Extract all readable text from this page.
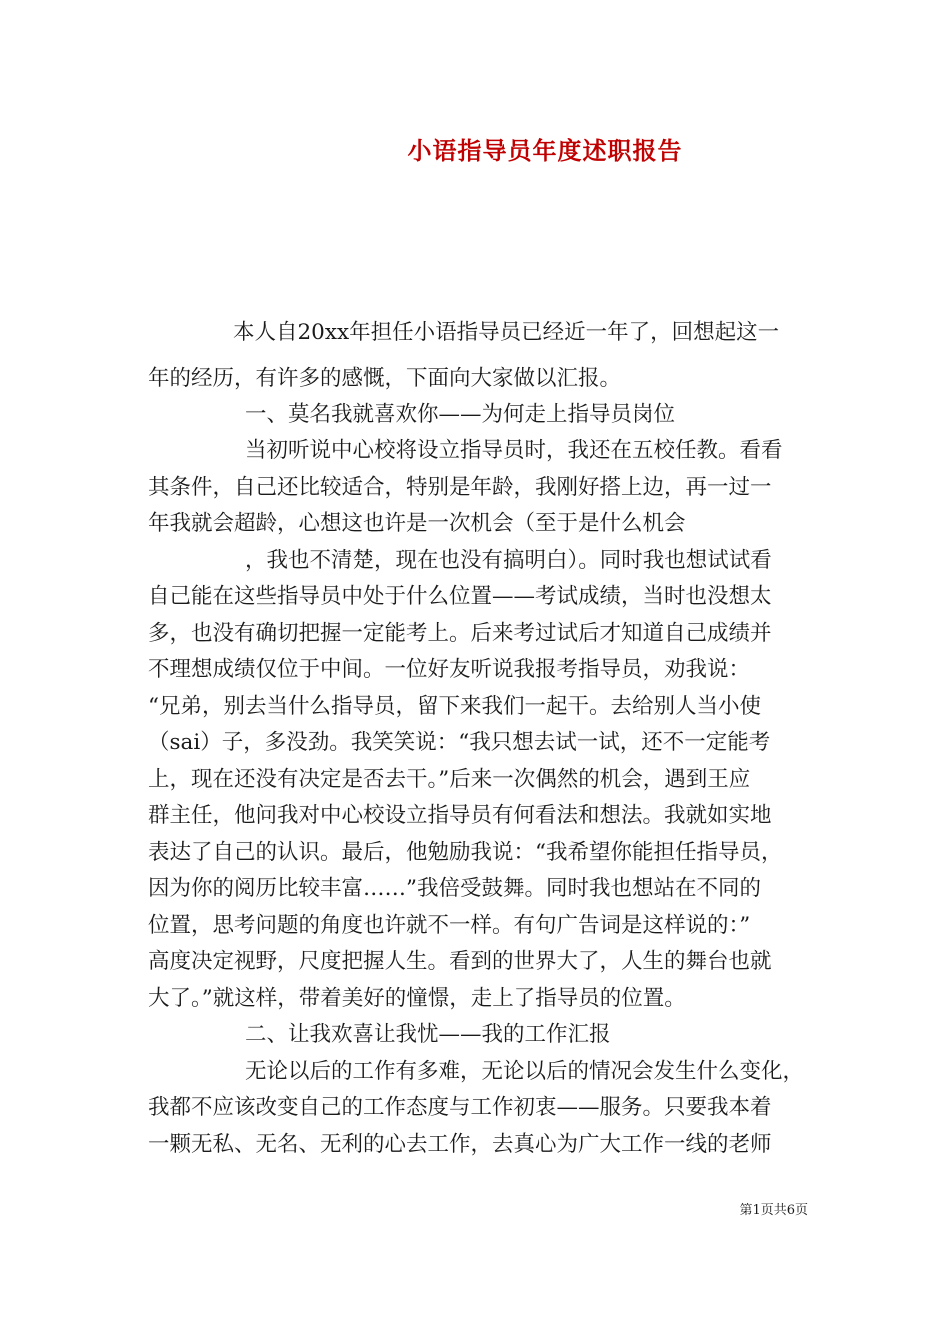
小语指导员年度述职报告
本人自20xx年担任小语指导员已经近一年了，回想起这一
年的经历，有许多的感慨，下面向大家做以汇报。
一、莫名我就喜欢你——为何走上指导员岗位
当初听说中心校将设立指导员时，我还在五校任教。看看
其条件，自己还比较适合，特别是年龄，我刚好搭上边，再一过一
年我就会超龄，心想这也许是一次机会（至于是什么机会
，我也不清楚，现在也没有搞明白）。同时我也想试试看
自己能在这些指导员中处于什么位置——考试成绩，当时也没想太
多，也没有确切把握一定能考上。后来考过试后才知道自己成绩并
不理想成绩仅位于中间。一位好友听说我报考指导员，劝我说：
“兄弟，别去当什么指导员，留下来我们一起干。去给别人当小使
（sai）子，多没劲。我笑笑说：“我只想去试一试，还不一定能考
上，现在还没有决定是否去干。”后来一次偶然的机会，遇到王应
群主任，他问我对中心校设立指导员有何看法和想法。我就如实地
表达了自己的认识。最后，他勉励我说：“我希望你能担任指导员，
因为你的阅历比较丰富……”我倍受鼓舞。同时我也想站在不同的
位置，思考问题的角度也许就不一样。有句广告词是这样说的：”
高度决定视野，尺度把握人生。看到的世界大了，人生的舞台也就
大了。”就这样，带着美好的憧憬，走上了指导员的位置。
二、让我欢喜让我忧——我的工作汇报
无论以后的工作有多难，无论以后的情况会发生什么变化，
我都不应该改变自己的工作态度与工作初衷——服务。只要我本着
一颗无私、无名、无利的心去工作，去真心为广大工作一线的老师
第1页共6页
